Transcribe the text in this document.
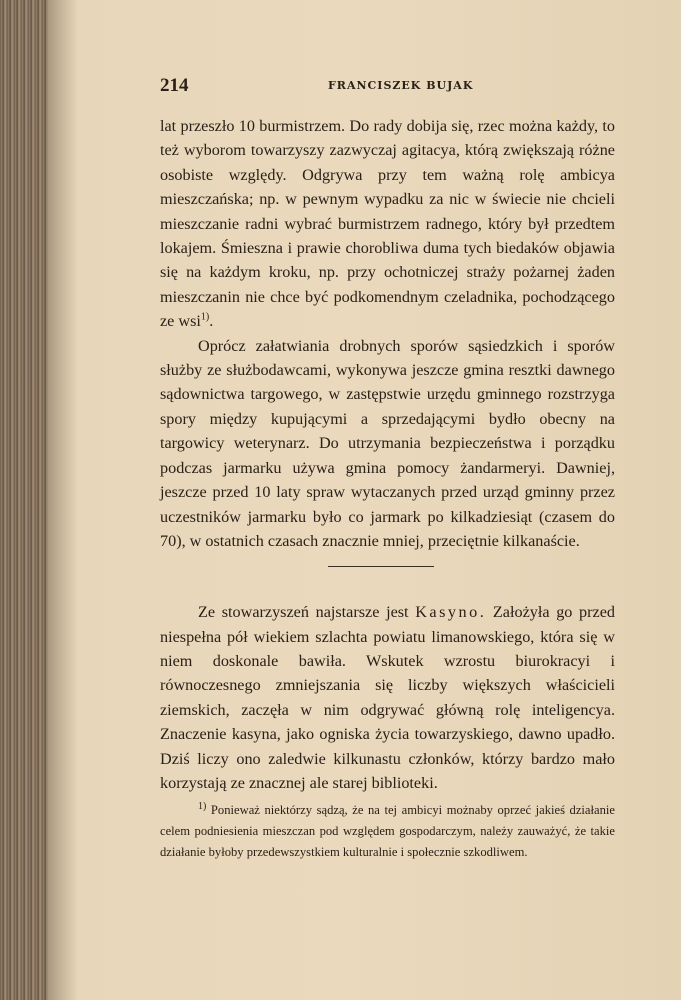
214	FRANCISZEK BUJAK

lat przeszło 10 burmistrzem. Do rady dobija się, rzec można każdy, to też wyborom towarzyszy zazwyczaj agitacya, którą zwiększają różne osobiste względy. Odgrywa przy tem ważną rolę ambicya mieszczańska; np. w pewnym wypadku za nic w świecie nie chcieli mieszczanie radni wybrać burmistrzem radnego, który był przedtem lokajem. Śmieszna i prawie chorobliwa duma tych biedaków objawia się na każdym kroku, np. przy ochotniczej straży pożarnej żaden mieszczanin nie chce być podkomendnym czeladnika, pochodzącego ze wsi$^{1)}$.

Oprócz załatwiania drobnych sporów sąsiedzkich i sporów służby ze służbodawcami, wykonywa jeszcze gmina resztki dawnego sądownictwa targowego, w zastępstwie urzędu gminnego rozstrzyga spory między kupującymi a sprzedającymi bydło obecny na targowicy weterynarz. Do utrzymania bezpieczeństwa i porządku podczas jarmarku używa gmina pomocy żandarmeryi. Dawniej, jeszcze przed 10 laty spraw wytaczanych przed urząd gminny przez uczestników jarmarku było co jarmark po kilkadziesiąt (czasem do 70), w ostatnich czasach znacznie mniej, przeciętnie kilkanaście.

Ze stowarzyszeń najstarsze jest Kasyno. Założyła go przed niespełna pół wiekiem szlachta powiatu limanowskiego, która się w niem doskonale bawiła. Wskutek wzrostu biurokracyi i równoczesnego zmniejszania się liczby większych właścicieli ziemskich, zaczęła w nim odgrywać główną rolę inteligencya. Znaczenie kasyna, jako ogniska życia towarzyskiego, dawno upadło. Dziś liczy ono zaledwie kilkunastu członków, którzy bardzo mało korzystają ze znacznej ale starej biblioteki.

$^{1)}$ Ponieważ niektórzy sądzą, że na tej ambicyi możnaby oprzeć jakieś działanie celem podniesienia mieszczan pod względem gospodarczym, należy zauważyć, że takie działanie byłoby przedewszystkiem kulturalnie i społecznie szkodliwem.
